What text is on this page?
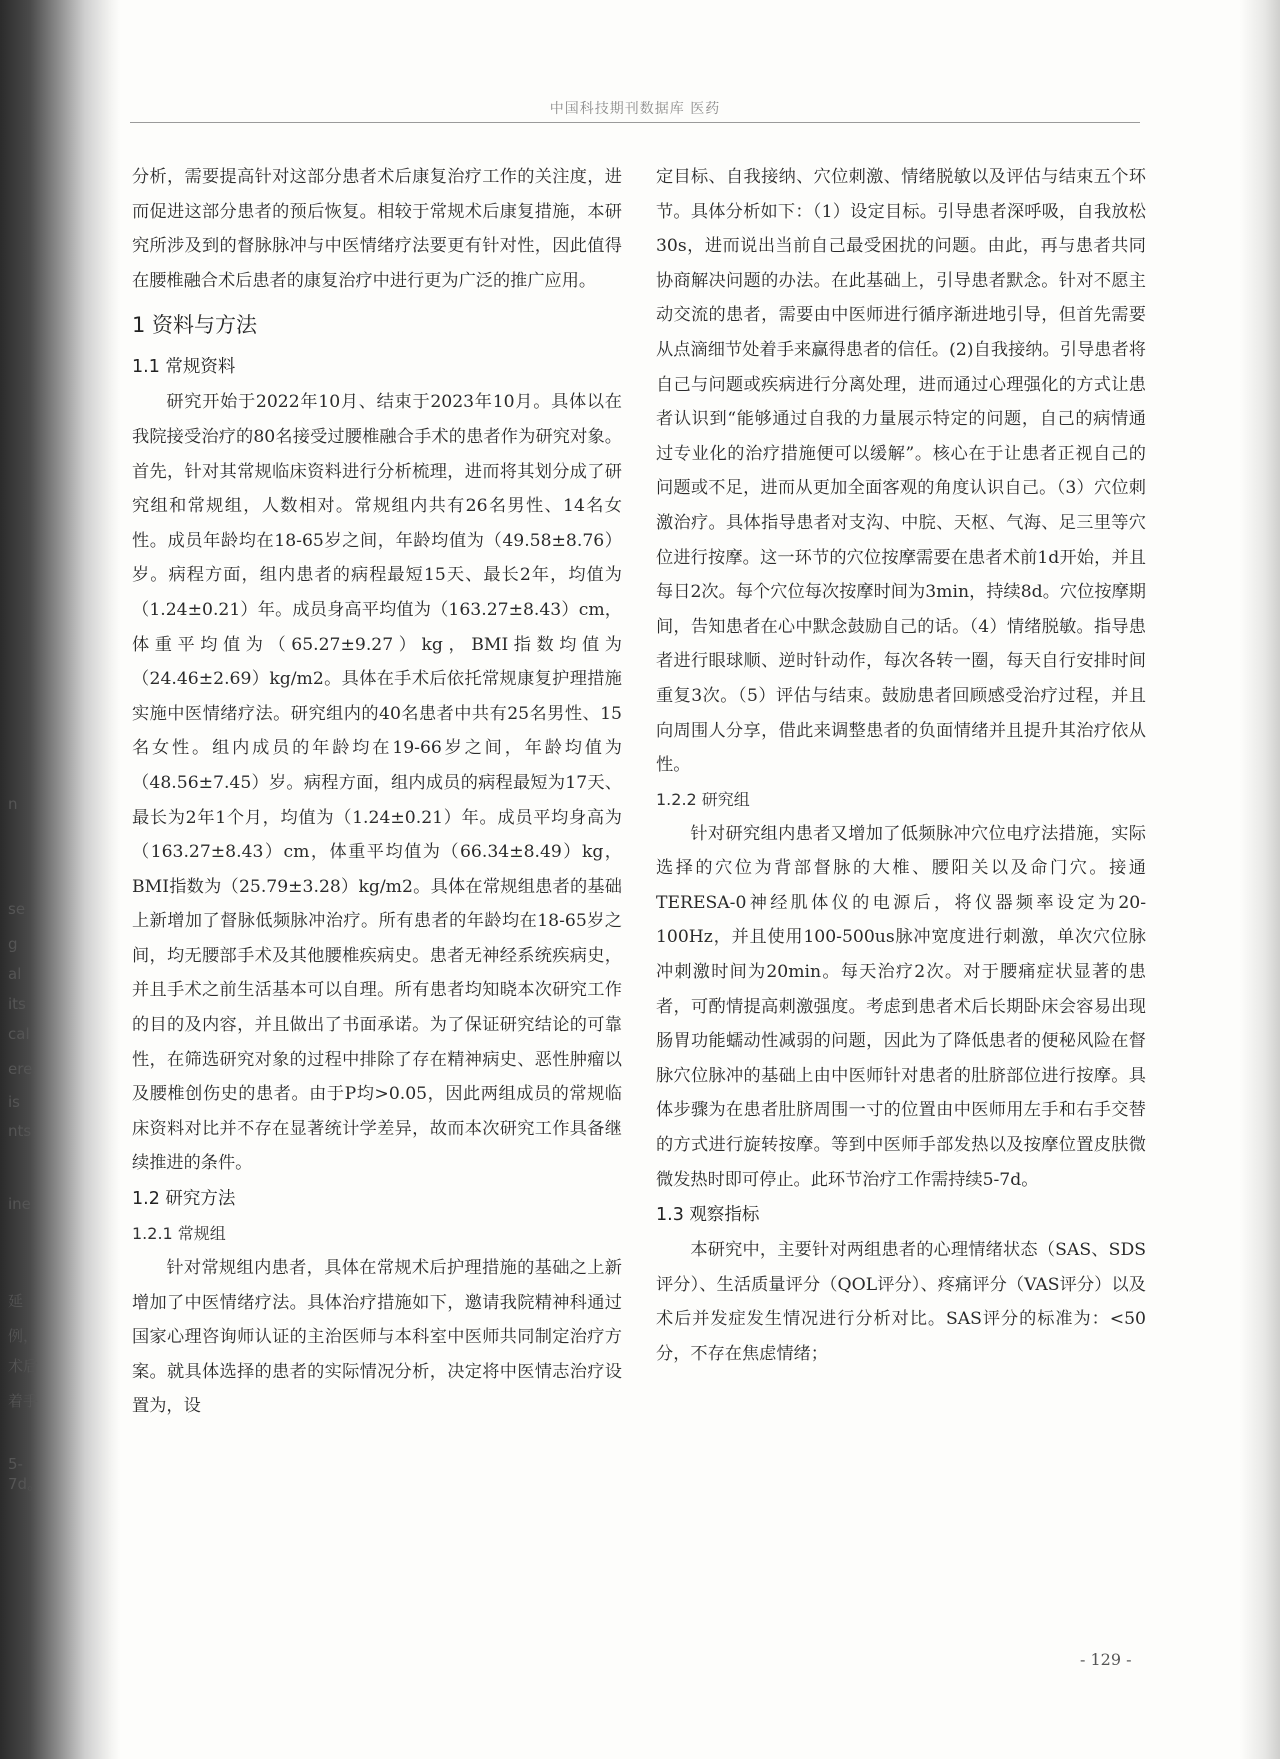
n
se
g
al
its
cal
ere
is
nts
ine
延
例，
术后
着手
5-7d。
中国科技期刊数据库 医药

分析，需要提高针对这部分患者术后康复治疗工作的关注度，进而促进这部分患者的预后恢复。相较于常规术后康复措施，本研究所涉及到的督脉脉冲与中医情绪疗法要更有针对性，因此值得在腰椎融合术后患者的康复治疗中进行更为广泛的推广应用。

1 资料与方法
1.1 常规资料

研究开始于2022年10月、结束于2023年10月。具体以在我院接受治疗的80名接受过腰椎融合手术的患者作为研究对象。首先，针对其常规临床资料进行分析梳理，进而将其划分成了研究组和常规组，人数相对。常规组内共有26名男性、14名女性。成员年龄均在18-65岁之间，年龄均值为（49.58±8.76）岁。病程方面，组内患者的病程最短15天、最长2年，均值为（1.24±0.21）年。成员身高平均值为（163.27±8.43）cm，体重平均值为（65.27±9.27）kg，BMI指数均值为（24.46±2.69）kg/m2。具体在手术后依托常规康复护理措施实施中医情绪疗法。研究组内的40名患者中共有25名男性、15名女性。组内成员的年龄均在19-66岁之间，年龄均值为（48.56±7.45）岁。病程方面，组内成员的病程最短为17天、最长为2年1个月，均值为（1.24±0.21）年。成员平均身高为（163.27±8.43）cm，体重平均值为（66.34±8.49）kg，BMI指数为（25.79±3.28）kg/m2。具体在常规组患者的基础上新增加了督脉低频脉冲治疗。所有患者的年龄均在18-65岁之间，均无腰部手术及其他腰椎疾病史。患者无神经系统疾病史，并且手术之前生活基本可以自理。所有患者均知晓本次研究工作的目的及内容，并且做出了书面承诺。为了保证研究结论的可靠性，在筛选研究对象的过程中排除了存在精神病史、恶性肿瘤以及腰椎创伤史的患者。由于P均>0.05，因此两组成员的常规临床资料对比并不存在显著统计学差异，故而本次研究工作具备继续推进的条件。

1.2 研究方法
1.2.1 常规组

针对常规组内患者，具体在常规术后护理措施的基础之上新增加了中医情绪疗法。具体治疗措施如下，邀请我院精神科通过国家心理咨询师认证的主治医师与本科室中医师共同制定治疗方案。就具体选择的患者的实际情况分析，决定将中医情志治疗设置为，设

定目标、自我接纳、穴位刺激、情绪脱敏以及评估与结束五个环节。具体分析如下：（1）设定目标。引导患者深呼吸，自我放松30s，进而说出当前自己最受困扰的问题。由此，再与患者共同协商解决问题的办法。在此基础上，引导患者默念。针对不愿主动交流的患者，需要由中医师进行循序渐进地引导，但首先需要从点滴细节处着手来赢得患者的信任。(2)自我接纳。引导患者将自己与问题或疾病进行分离处理，进而通过心理强化的方式让患者认识到“能够通过自我的力量展示特定的问题，自己的病情通过专业化的治疗措施便可以缓解”。核心在于让患者正视自己的问题或不足，进而从更加全面客观的角度认识自己。（3）穴位刺激治疗。具体指导患者对支沟、中脘、天枢、气海、足三里等穴位进行按摩。这一环节的穴位按摩需要在患者术前1d开始，并且每日2次。每个穴位每次按摩时间为3min，持续8d。穴位按摩期间，告知患者在心中默念鼓励自己的话。（4）情绪脱敏。指导患者进行眼球顺、逆时针动作，每次各转一圈，每天自行安排时间重复3次。（5）评估与结束。鼓励患者回顾感受治疗过程，并且向周围人分享，借此来调整患者的负面情绪并且提升其治疗依从性。

1.2.2 研究组

针对研究组内患者又增加了低频脉冲穴位电疗法措施，实际选择的穴位为背部督脉的大椎、腰阳关以及命门穴。接通TERESA-0神经肌体仪的电源后，将仪器频率设定为20-100Hz，并且使用100-500us脉冲宽度进行刺激，单次穴位脉冲刺激时间为20min。每天治疗2次。对于腰痛症状显著的患者，可酌情提高刺激强度。考虑到患者术后长期卧床会容易出现肠胃功能蠕动性减弱的问题，因此为了降低患者的便秘风险在督脉穴位脉冲的基础上由中医师针对患者的肚脐部位进行按摩。具体步骤为在患者肚脐周围一寸的位置由中医师用左手和右手交替的方式进行旋转按摩。等到中医师手部发热以及按摩位置皮肤微微发热时即可停止。此环节治疗工作需持续5-7d。

1.3 观察指标

本研究中，主要针对两组患者的心理情绪状态（SAS、SDS评分）、生活质量评分（QOL评分）、疼痛评分（VAS评分）以及术后并发症发生情况进行分析对比。SAS评分的标准为：<50分，不存在焦虑情绪；

- 129 -
